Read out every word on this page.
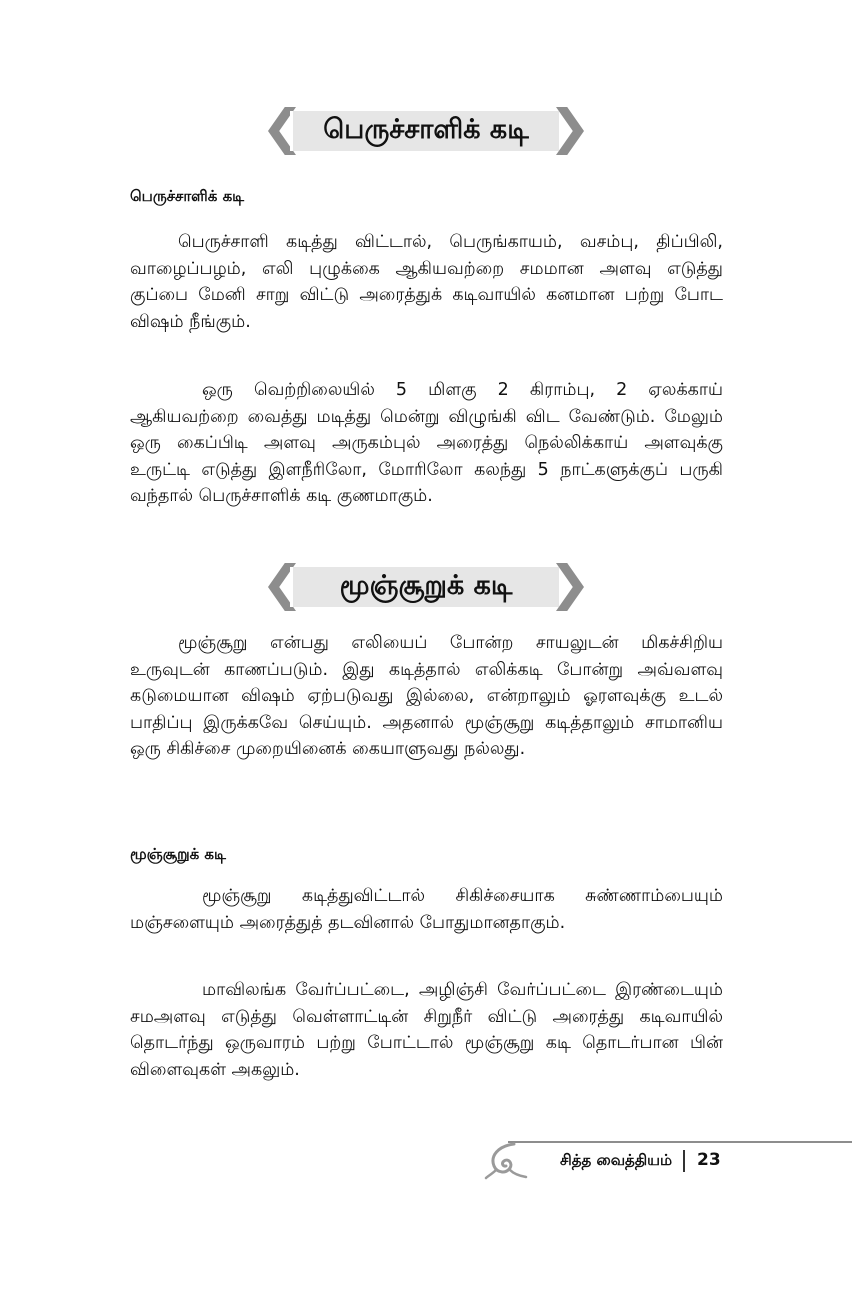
பெருச்சாளிக் கடி
பெருச்சாளிக் கடி

பெருச்சாளி கடித்து விட்டால், பெருங்காயம், வசம்பு, திப்பிலி, வாழைப்பழம், எலி புழுக்கை ஆகியவற்றை சமமான அளவு எடுத்து குப்பை மேனி சாறு விட்டு அரைத்துக் கடிவாயில் கனமான பற்று போட விஷம் நீங்கும்.

ஒரு வெற்றிலையில் 5 மிளகு 2 கிராம்பு, 2 ஏலக்காய் ஆகியவற்றை வைத்து மடித்து மென்று விழுங்கி விட வேண்டும். மேலும் ஒரு கைப்பிடி அளவு அருகம்புல் அரைத்து நெல்லிக்காய் அளவுக்கு உருட்டி எடுத்து இளநீரிலோ, மோரிலோ கலந்து 5 நாட்களுக்குப் பருகி வந்தால் பெருச்சாளிக் கடி குணமாகும்.

மூஞ்சூறுக் கடி

மூஞ்சூறு என்பது எலியைப் போன்ற சாயலுடன் மிகச்சிறிய உருவுடன் காணப்படும். இது கடித்தால் எலிக்கடி போன்று அவ்வளவு கடுமையான விஷம் ஏற்படுவது இல்லை, என்றாலும் ஓரளவுக்கு உடல் பாதிப்பு இருக்கவே செய்யும். அதனால் மூஞ்சூறு கடித்தாலும் சாமானிய ஒரு சிகிச்சை முறையினைக் கையாளுவது நல்லது.

மூஞ்சூறுக் கடி

மூஞ்சூறு கடித்துவிட்டால் சிகிச்சையாக சுண்ணாம்பையும் மஞ்சளையும் அரைத்துத் தடவினால் போதுமானதாகும்.

மாவிலங்க வேர்ப்பட்டை, அழிஞ்சி வேர்ப்பட்டை இரண்டையும் சமஅளவு எடுத்து வெள்ளாட்டின் சிறுநீர் விட்டு அரைத்து கடிவாயில் தொடர்ந்து ஒருவாரம் பற்று போட்டால் மூஞ்சூறு கடி தொடர்பான பின் விளைவுகள் அகலும்.

சித்த வைத்தியம் 23
